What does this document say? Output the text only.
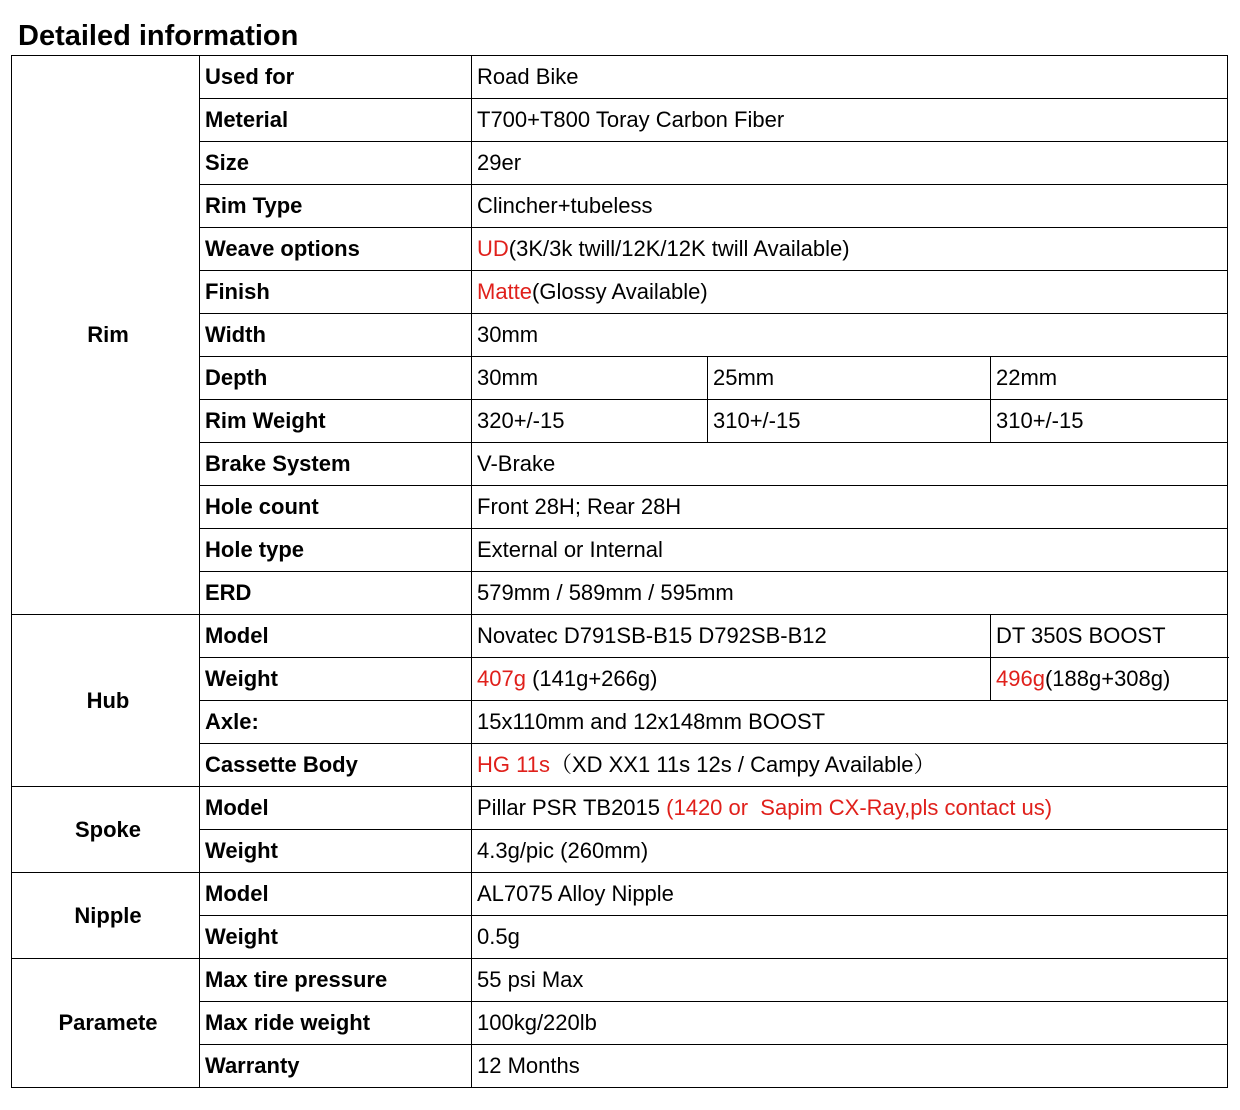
Detailed information
Rim	Used for	Road Bike		
	Meterial	T700+T800 Toray Carbon Fiber		
	Size	29er		
	Rim Type	Clincher+tubeless		
	Weave options	UD(3K/3k twill/12K/12K twill Available)		
	Finish	Matte(Glossy Available)		
	Width	30mm		
	Depth	30mm	25mm	22mm
	Rim Weight	320+/-15	310+/-15	310+/-15
	Brake System	V-Brake		
	Hole count	Front 28H; Rear 28H		
	Hole type	External or Internal		
	ERD	579mm / 589mm / 595mm		
Hub	Model	Novatec D791SB-B15 D792SB-B12		DT 350S BOOST
	Weight	407g (141g+266g)		496g(188g+308g)
	Axle:	15x110mm and 12x148mm BOOST		
	Cassette Body	HG 11s（XD XX1 11s 12s / Campy Available）		
Spoke	Model	Pillar PSR TB2015 (1420 or  Sapim CX-Ray,pls contact us)		
	Weight	4.3g/pic (260mm)		
Nipple	Model	AL7075 Alloy Nipple		
	Weight	0.5g		
Paramete	Max tire pressure	55 psi Max		
	Max ride weight	100kg/220lb		
	Warranty	12 Months		
